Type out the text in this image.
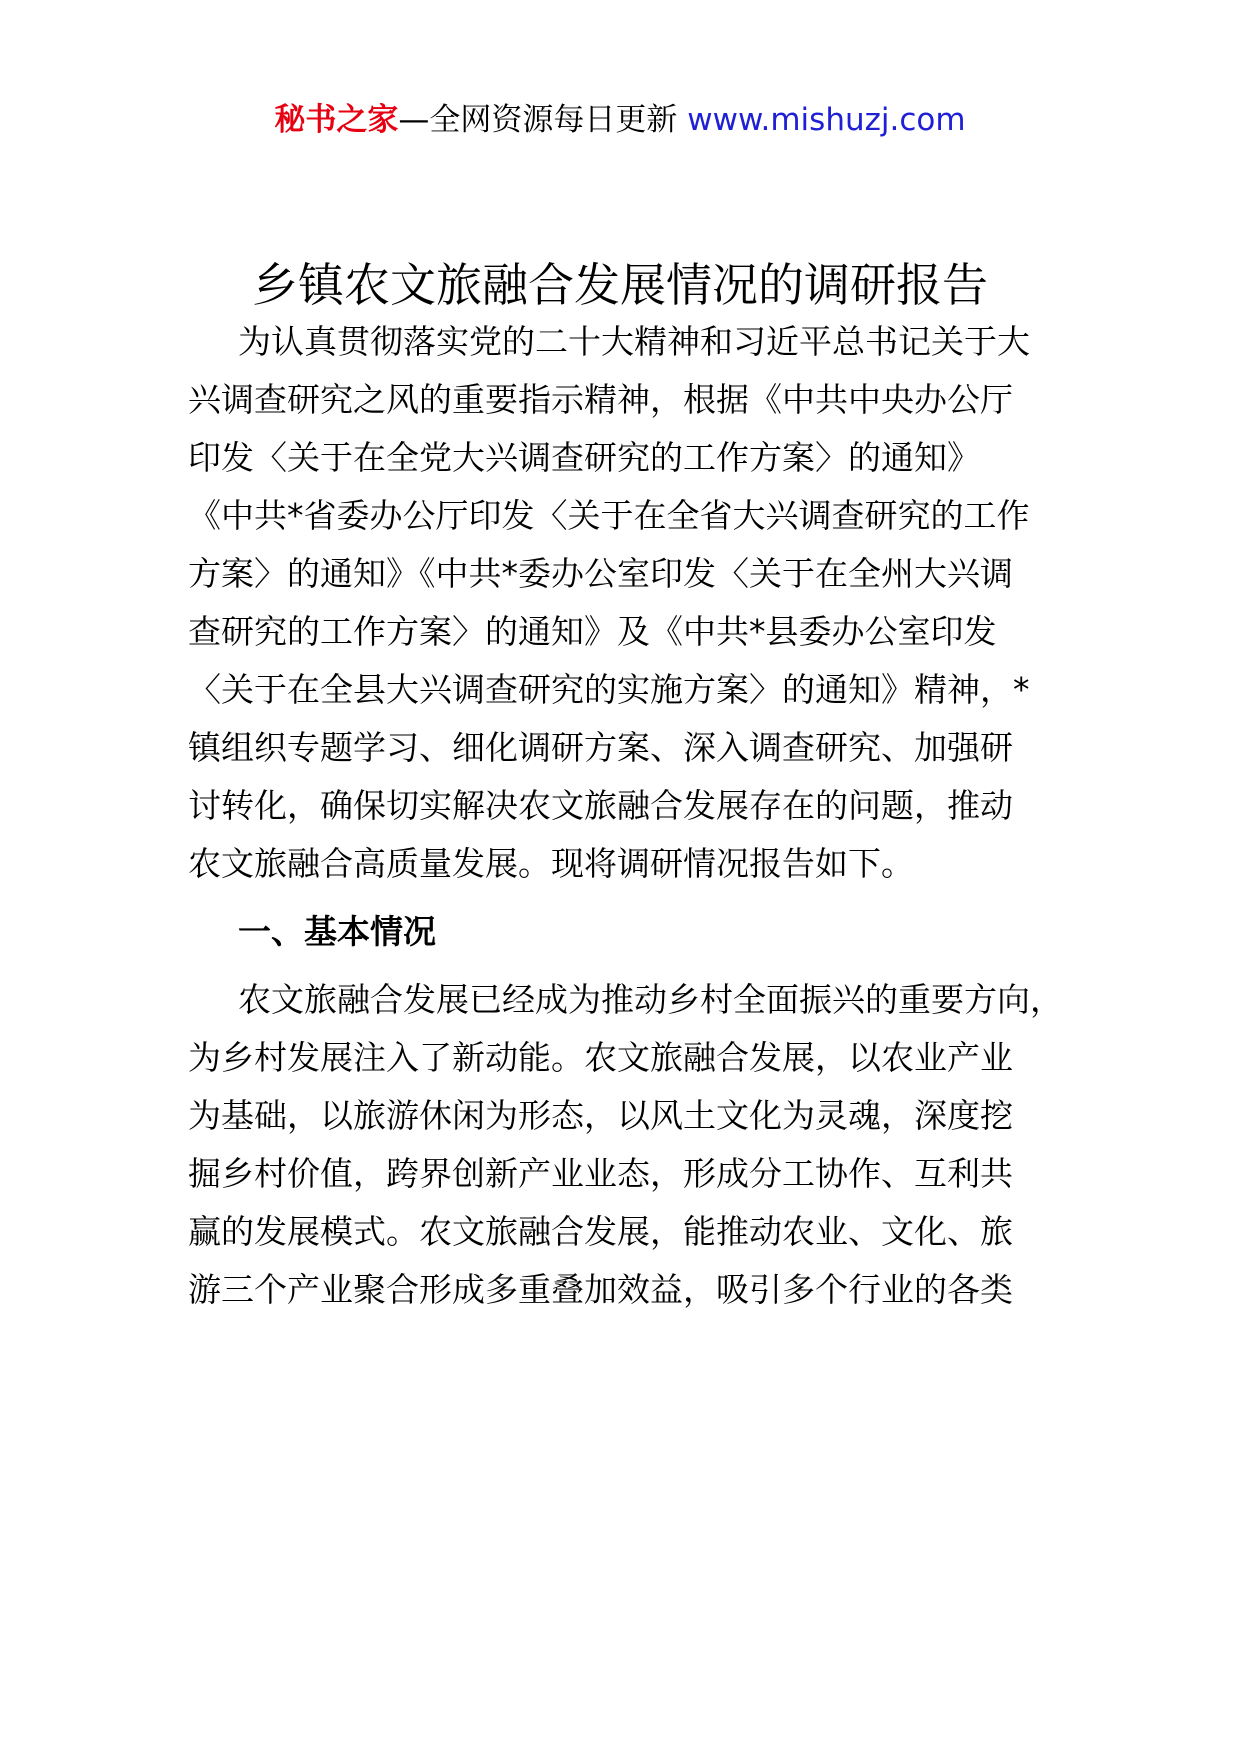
秘书之家—全网资源每日更新 www.mishuzj.com
乡镇农文旅融合发展情况的调研报告
为认真贯彻落实党的二十大精神和习近平总书记关于大
兴调查研究之风的重要指示精神，根据《中共中央办公厅
印发〈关于在全党大兴调查研究的工作方案〉的通知》
《中共*省委办公厅印发〈关于在全省大兴调查研究的工作
方案〉的通知》《中共*委办公室印发〈关于在全州大兴调
查研究的工作方案〉的通知》及《中共*县委办公室印发
〈关于在全县大兴调查研究的实施方案〉的通知》精神，*
镇组织专题学习、细化调研方案、深入调查研究、加强研
讨转化，确保切实解决农文旅融合发展存在的问题，推动
农文旅融合高质量发展。现将调研情况报告如下。
一、基本情况
农文旅融合发展已经成为推动乡村全面振兴的重要方向，
为乡村发展注入了新动能。农文旅融合发展，以农业产业
为基础，以旅游休闲为形态，以风土文化为灵魂，深度挖
掘乡村价值，跨界创新产业业态，形成分工协作、互利共
赢的发展模式。农文旅融合发展，能推动农业、文化、旅
游三个产业聚合形成多重叠加效益，吸引多个行业的各类
